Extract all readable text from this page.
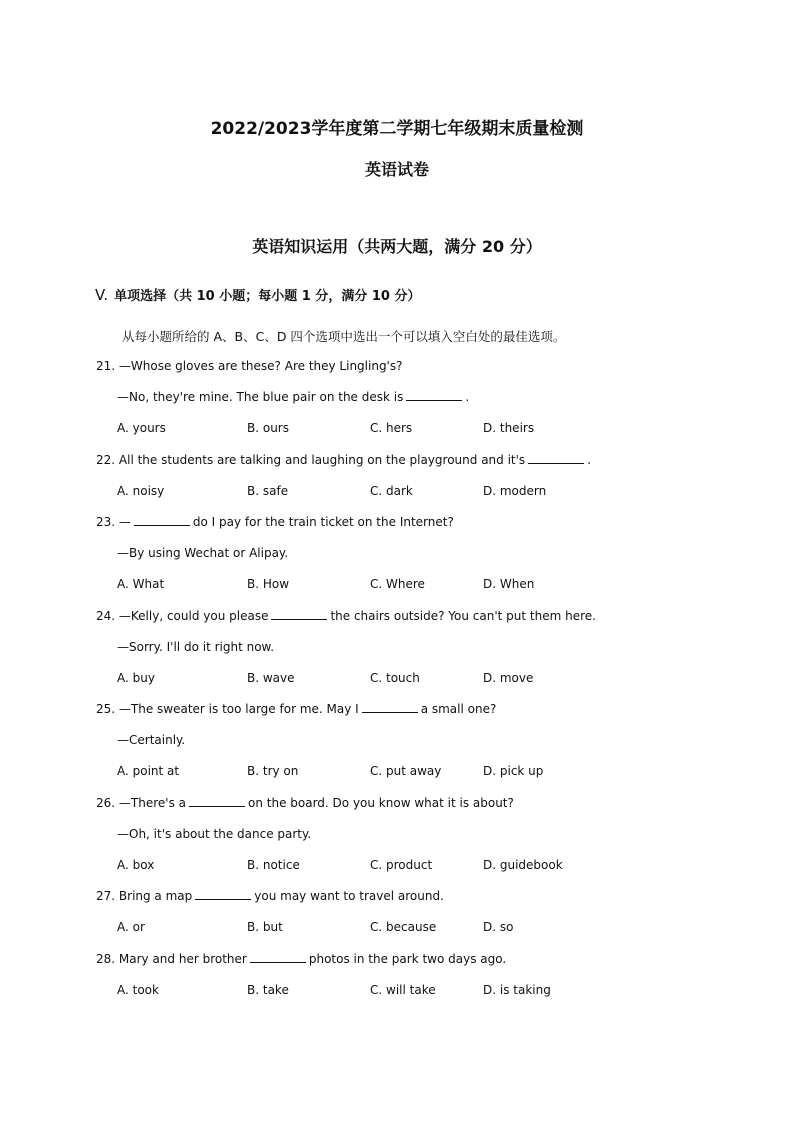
2022/2023学年度第二学期七年级期末质量检测
英语试卷
英语知识运用（共两大题，满分 20 分）
V. 单项选择（共 10 小题；每小题 1 分，满分 10 分）
从每小题所给的 A、B、C、D 四个选项中选出一个可以填入空白处的最佳选项。
21. —Whose gloves are these? Are they Lingling's?
—No, they're mine. The blue pair on the desk is	.
A. yours	B. ours	C. hers	D. theirs
22. All the students are talking and laughing on the playground and it's	.
A. noisy	B. safe	C. dark	D. modern
23. —	do I pay for the train ticket on the Internet?
—By using Wechat or Alipay.
A. What	B. How	C. Where	D. When
24. —Kelly, could you please	the chairs outside? You can't put them here.
—Sorry. I'll do it right now.
A. buy	B. wave	C. touch	D. move
25. —The sweater is too large for me. May I	a small one?
—Certainly.
A. point at	B. try on	C. put away	D. pick up
26. —There's a	on the board. Do you know what it is about?
—Oh, it's about the dance party.
A. box	B. notice	C. product	D. guidebook
27. Bring a map	you may want to travel around.
A. or	B. but	C. because	D. so
28. Mary and her brother	photos in the park two days ago.
A. took	B. take	C. will take	D. is taking
